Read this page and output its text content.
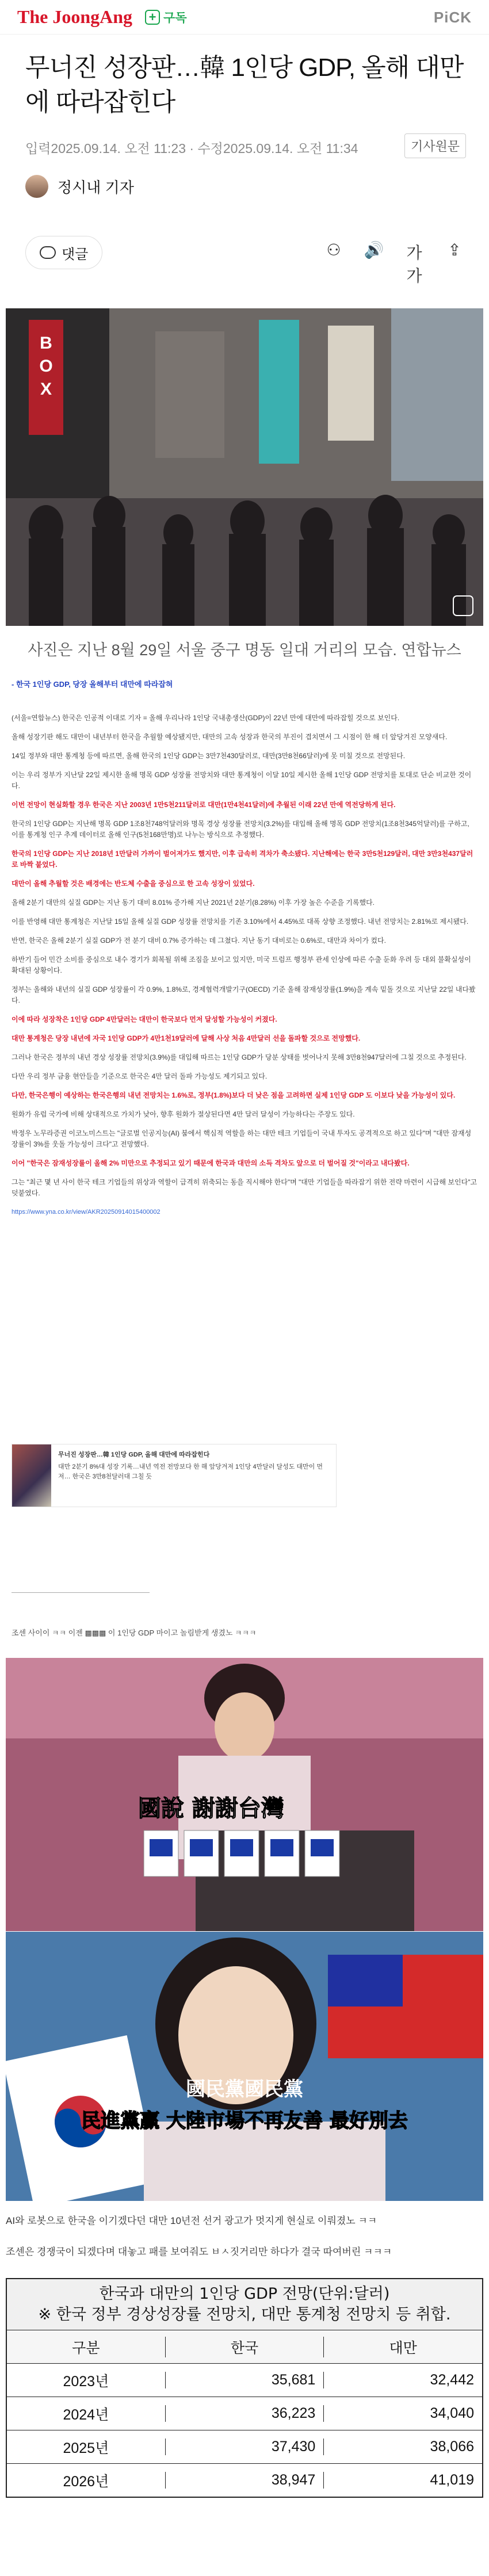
The JoongAng + 구독	PiCK
무너진 성장판…韓 1인당 GDP, 올해 대만에 따라잡힌다
입력2025.09.14. 오전 11:23 · 수정2025.09.14. 오전 11:34	기사원문
정시내 기자
댓글	⚇ 🔊 가가
⇪
B
O
X
사진은 지난 8월 29일 서울 중구 명동 일대 거리의 모습. 연합뉴스

- 한국 1인당 GDP, 당장 올해부터 대만에 따라잡혀

(서울=연합뉴스) 한국은 인공적 이대로 기자 = 올해 우리나라 1인당 국내총생산(GDP)이 22년 만에 대만에 따라잡힐 것으로 보인다.

올해 성장기판 해도 대만이 내년부터 한국을 추월할 예상됐지만, 대만의 고속 성장과 한국의 부진이 겹치면서 그 시점이 한 해 더 앞당겨진 모양새다.

14일 정부와 대만 통계청 등에 따르면, 올해 한국의 1인당 GDP는 3만7천430달러로, 대만(3만8천66달러)에 못 미칠 것으로 전망된다.

이는 우리 정부가 지난달 22일 제시한 올해 명목 GDP 성장률 전망치와 대만 통계청이 이달 10일 제시한 올해 1인당 GDP 전망치를 토대로 단순 비교한 것이다.

이번 전망이 현실화할 경우 한국은 지난 2003년 1만5천211달러로 대만(1만4천41달러)에 추월된 이래 22년 만에 역전당하게 된다.

한국의 1인당 GDP는 지난해 명목 GDP 1조8천748억달러와 명목 경상 성장률 전망치(3.2%)를 대입해 올해 명목 GDP 전망치(1조8천345억달러)를 구하고, 이를 통계청 인구 추계 데이터로 올해 인구(5천168만명)로 나누는 방식으로 추정했다.

한국의 1인당 GDP는 지난 2018년 1만달러 가까이 벌어져가도 했지만, 이후 급속히 격차가 축소됐다. 지난해에는 한국 3만5천129달러, 대만 3만3천437달러로 바짝 붙었다.

대만이 올해 추월할 것은 배경에는 반도체 수출을 중심으로 한 고속 성장이 있었다.

올해 2분기 대만의 실질 GDP는 지난 동기 대비 8.01% 증가해 지난 2021년 2분기(8.28%) 이후 가장 높은 수준을 기록했다.

이를 반영해 대만 통계청은 지난달 15일 올해 실질 GDP 성장률 전망치를 기존 3.10%에서 4.45%로 대폭 상향 조정했다. 내년 전망치는 2.81%로 제시됐다.

반면, 한국은 올해 2분기 실질 GDP가 전 분기 대비 0.7% 증가하는 데 그쳤다. 지난 동기 대비로는 0.6%로, 대만과 차이가 컸다.

하반기 들어 민간 소비를 중심으로 내수 경기가 회복될 위해 조짐을 보이고 있지만, 미국 트럼프 행정부 관세 인상에 따른 수출 둔화 우려 등 대외 불확실성이 확대된 상황이다.

정부는 올해와 내년의 실질 GDP 성장률이 각 0.9%, 1.8%로, 경제협력개발기구(OECD) 기준 올해 잠재성장률(1.9%)을 계속 밑돌 것으로 지난달 22일 내다봤다.

이에 따라 성장착은 1인당 GDP 4만달러는 대만이 한국보다 먼저 달성할 가능성이 커졌다.

대만 통계청은 당장 내년에 자국 1인당 GDP가 4만1천19달러에 달해 사상 처음 4만달러 선을 돌파할 것으로 전망했다.

그러나 한국은 정부의 내년 경상 성장률 전망치(3.9%)를 대입해 따르는 1인당 GDP가 당분 상태를 벗어나지 못해 3만8천947달러에 그칠 것으로 추정된다.

다만 우리 정부 금융 현안들을 기준으로 한국은 4만 달러 돌파 가능성도 제기되고 있다.

다만, 한국은행이 예상하는 한국은행의 내년 전망치는 1.6%로, 정부(1.8%)보다 더 낮은 점을 고려하면 실제 1인당 GDP 도 이보다 낮을 가능성이 있다.

원화가 유럽 국가에 비해 상대적으로 가치가 낮아, 향후 원화가 절상된다면 4만 달러 달성이 가능하다는 주장도 있다.

박정우 노무라증권 이코노미스트는 "글로벌 인공지능(AI) 붐에서 핵심적 역할을 하는 대만 테크 기업들이 국내 투자도 공격적으로 하고 있다"며 "대만 잠재성장률이 3%를 웃돌 가능성이 크다"고 전망했다.

이어 "한국은 잠재성장률이 올해 2% 미만으로 추정되고 있기 때문에 한국과 대만의 소득 격차도 앞으로 더 벌어질 것"이라고 내다봤다.

그는 "최근 몇 년 사이 한국 테크 기업들의 위상과 역할이 급격히 위축되는 동을 직시해야 한다"며 "대만 기업들을 따라잡기 위한 전략 마련이 시급해 보인다"고 덧붙였다.

https://www.yna.co.kr/view/AKR20250914015400002

무너진 성장판…韓 1인당 GDP, 올해 대만에 따라잡힌다
대만 2분기 8%대 성장 기록…내년 역전 전망보다 한 해 앞당겨져 1인당 4만달러 달성도 대만이 먼저… 한국은 3만8천달러대 그칠 듯
조센 사이이 ㅋㅋ 이젠 ▩▩▩ 이 1인당 GDP 마이고 놀림받게 생겼노 ㅋㅋㅋ
國說 謝謝台灣
國民黨國民黨
民進黨贏 大陸市場不再友善 最好別去
AI와 로봇으로 한국을 이기겠다던 대만 10년전 선거 광고가 멋지게 현실로 이뤄졌노 ㅋㅋ
조센은 경쟁국이 되겠다며 대놓고 패를 보여줘도 ㅂㅅ짓거리만 하다가 결국 따여버린 ㅋㅋㅋ
한국과 대만의 1인당 GDP 전망(단위:달러)
※ 한국 정부 경상성장률 전망치, 대만 통계청 전망치 등 취합.
구분	한국	대만
2023년	35,681	32,442
2024년	36,223	34,040
2025년	37,430	38,066
2026년	38,947	41,019
